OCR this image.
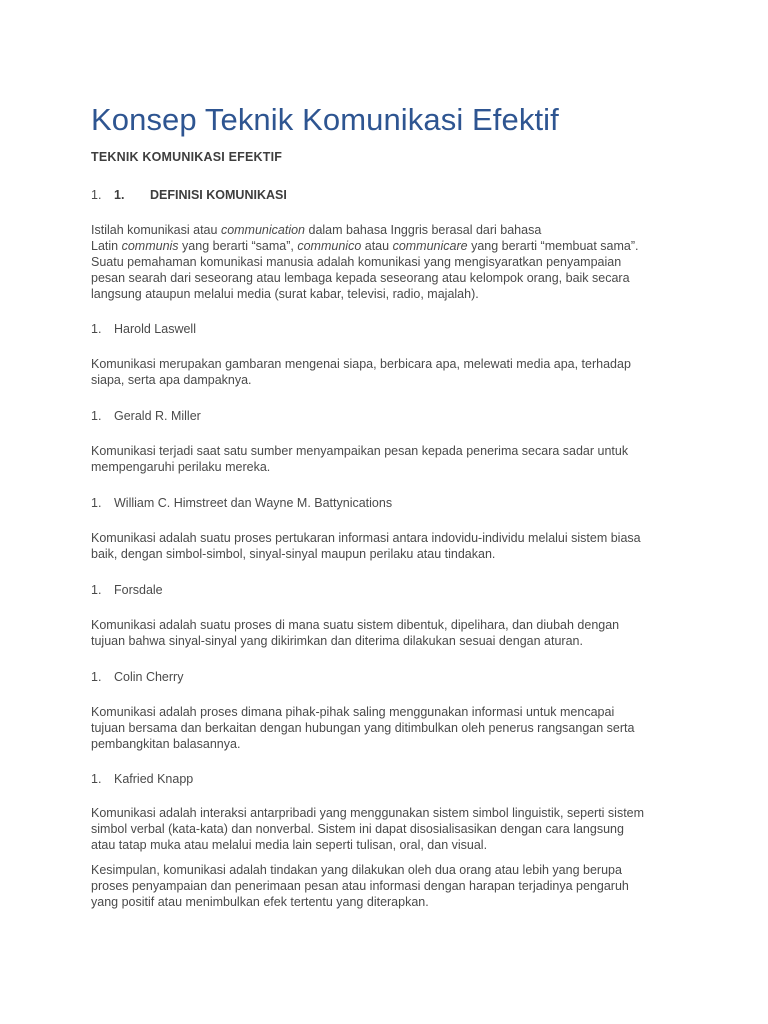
Konsep Teknik Komunikasi Efektif
TEKNIK KOMUNIKASI EFEKTIF
1. 1. DEFINISI KOMUNIKASI
Istilah komunikasi atau communication dalam bahasa Inggris berasal dari bahasa
Latin communis yang berarti “sama”, communico atau communicare yang berarti “membuat sama”.
Suatu pemahaman komunikasi manusia adalah komunikasi yang mengisyaratkan penyampaian
pesan searah dari seseorang atau lembaga kepada seseorang atau kelompok orang, baik secara
langsung ataupun melalui media (surat kabar, televisi, radio, majalah).
1. Harold Laswell
Komunikasi merupakan gambaran mengenai siapa, berbicara apa, melewati media apa, terhadap
siapa, serta apa dampaknya.
1. Gerald R. Miller
Komunikasi terjadi saat satu sumber menyampaikan pesan kepada penerima secara sadar untuk
mempengaruhi perilaku mereka.
1. William C. Himstreet dan Wayne M. Battynications
Komunikasi adalah suatu proses pertukaran informasi antara indovidu-individu melalui sistem biasa
baik, dengan simbol-simbol, sinyal-sinyal maupun perilaku atau tindakan.
1. Forsdale
Komunikasi adalah suatu proses di mana suatu sistem dibentuk, dipelihara, dan diubah dengan
tujuan bahwa sinyal-sinyal yang dikirimkan dan diterima dilakukan sesuai dengan aturan.
1. Colin Cherry
Komunikasi adalah proses dimana pihak-pihak saling menggunakan informasi untuk mencapai
tujuan bersama dan berkaitan dengan hubungan yang ditimbulkan oleh penerus rangsangan serta
pembangkitan balasannya.
1. Kafried Knapp
Komunikasi adalah interaksi antarpribadi yang menggunakan sistem simbol linguistik, seperti sistem
simbol verbal (kata-kata) dan nonverbal. Sistem ini dapat disosialisasikan dengan cara langsung
atau tatap muka atau melalui media lain seperti tulisan, oral, dan visual.
Kesimpulan, komunikasi adalah tindakan yang dilakukan oleh dua orang atau lebih yang berupa
proses penyampaian dan penerimaan pesan atau informasi dengan harapan terjadinya pengaruh
yang positif atau menimbulkan efek tertentu yang diterapkan.
